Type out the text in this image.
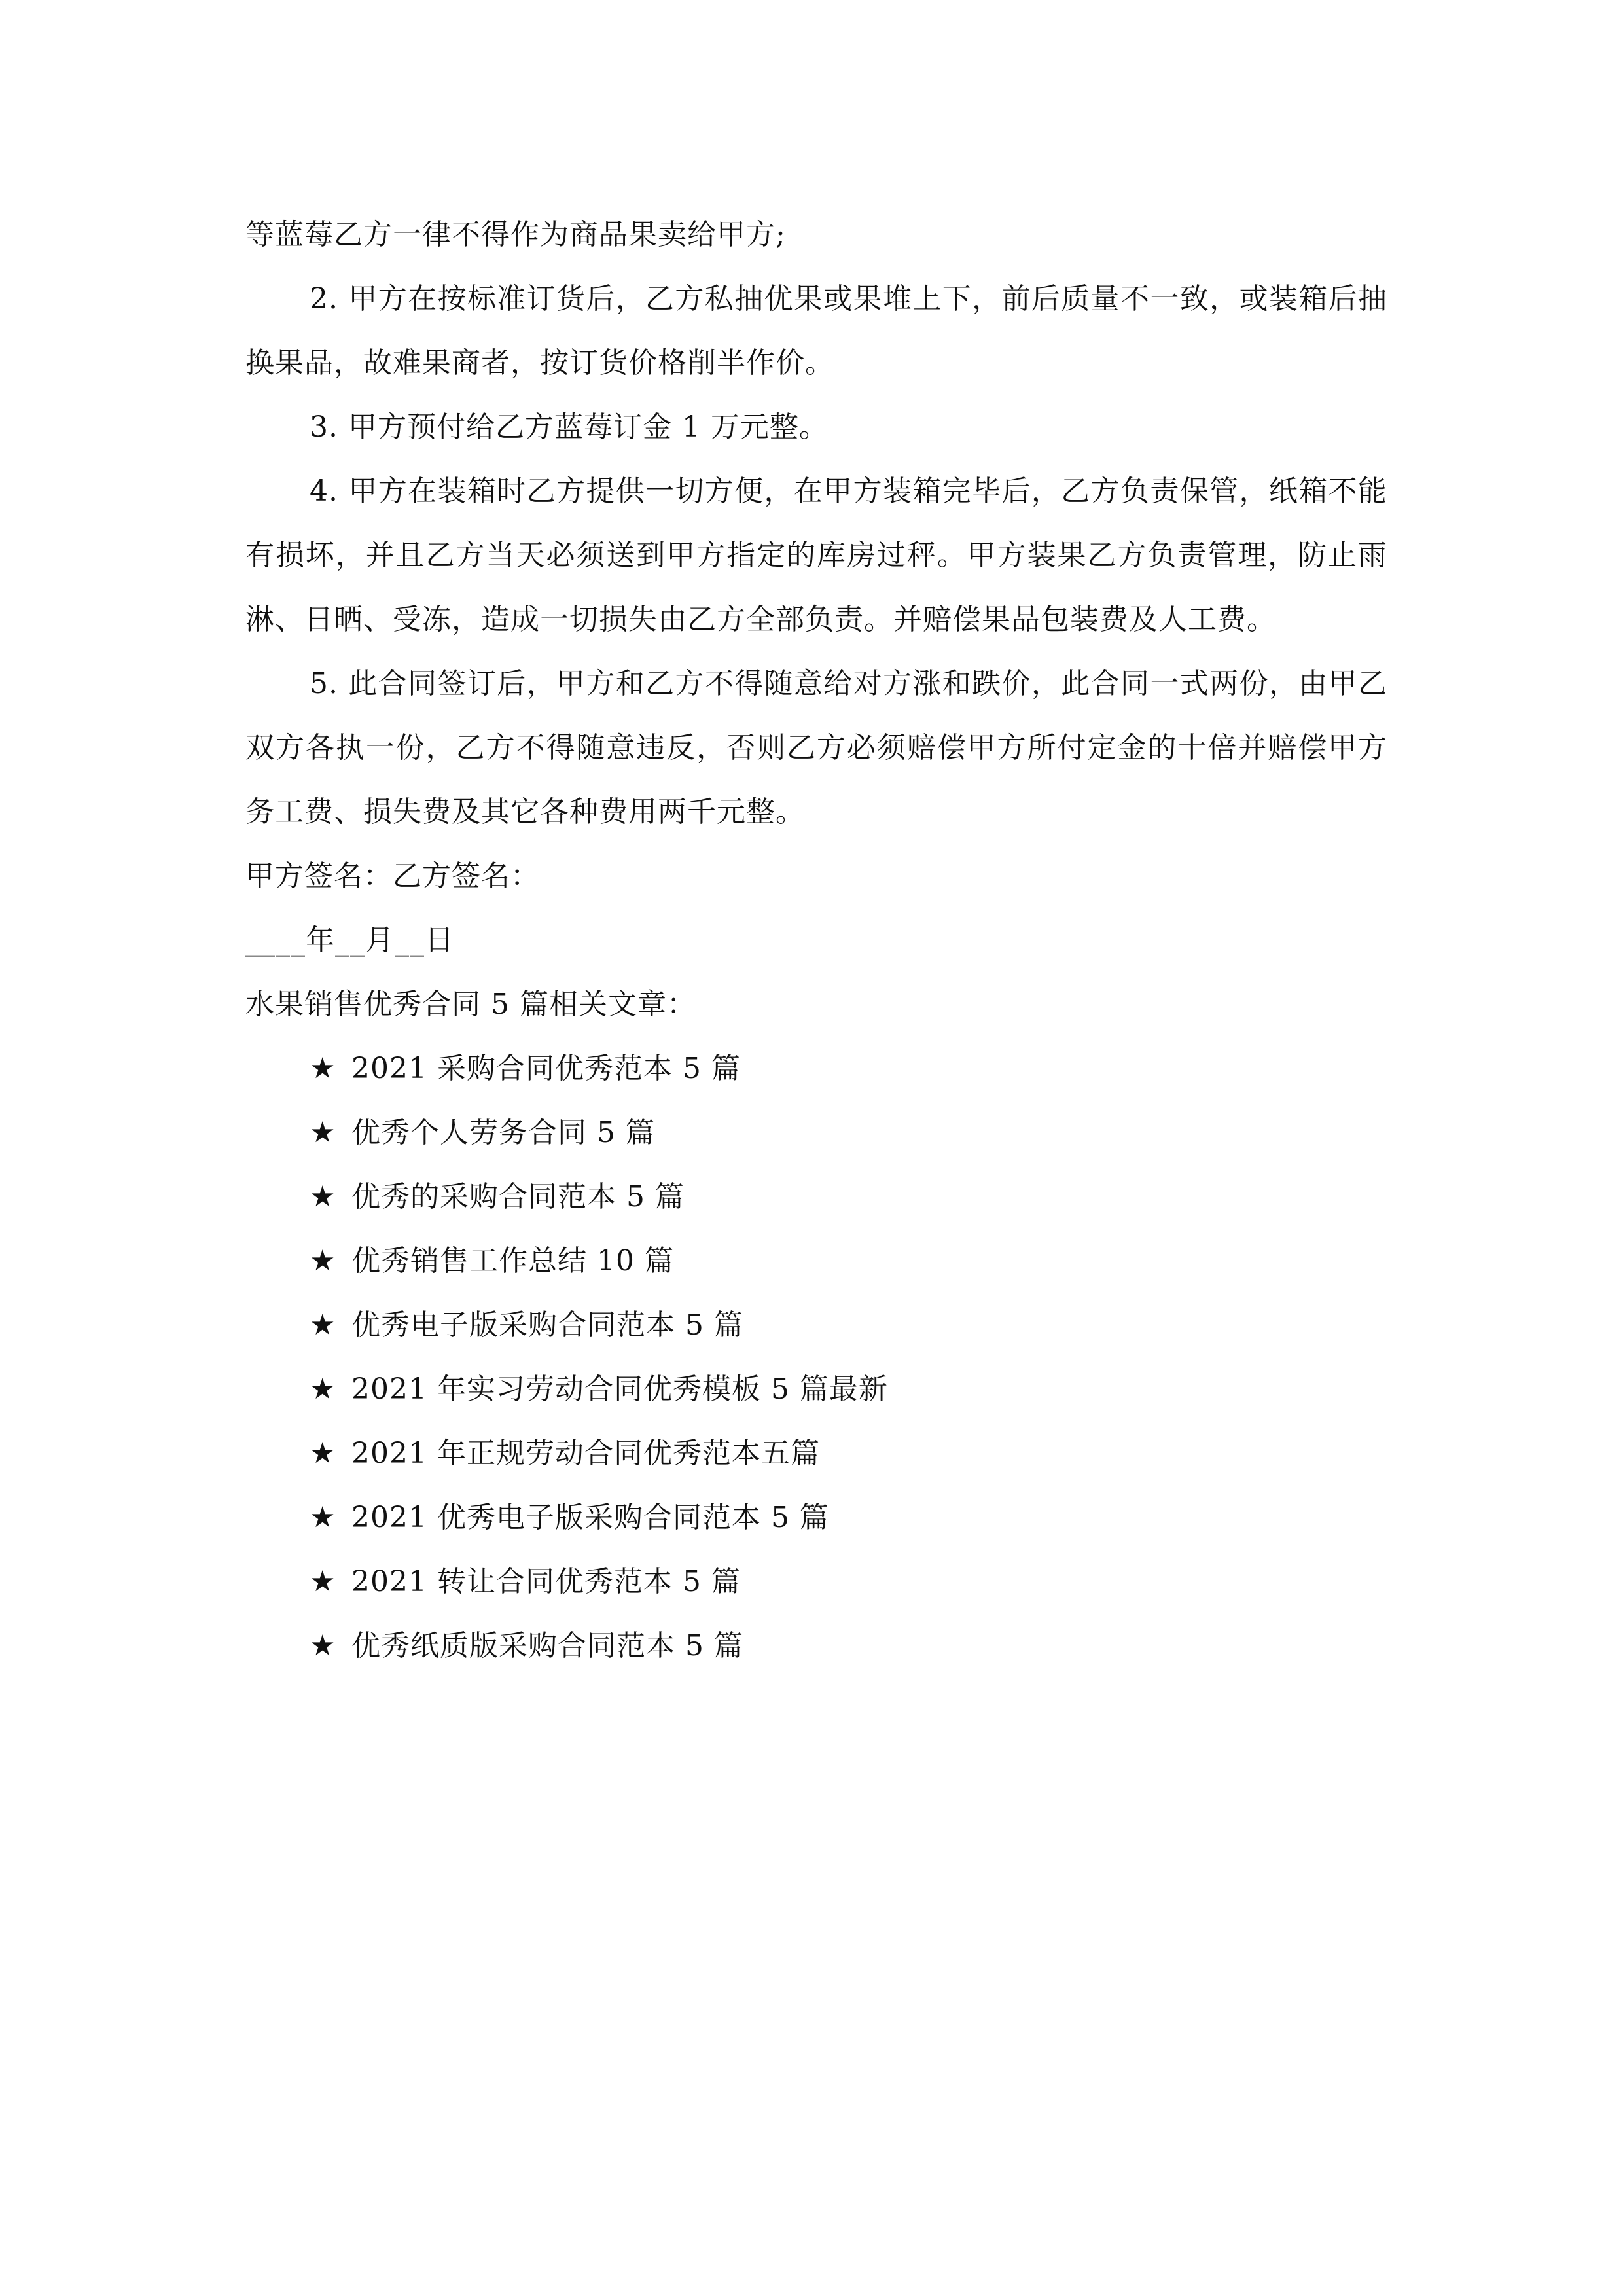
等蓝莓乙方一律不得作为商品果卖给甲方;

2. 甲方在按标准订货后，乙方私抽优果或果堆上下，前后质量不一致，或装箱后抽换果品，故难果商者，按订货价格削半作价。

3. 甲方预付给乙方蓝莓订金 1 万元整。

4. 甲方在装箱时乙方提供一切方便，在甲方装箱完毕后，乙方负责保管，纸箱不能有损坏，并且乙方当天必须送到甲方指定的库房过秤。甲方装果乙方负责管理，防止雨淋、日晒、受冻，造成一切损失由乙方全部负责。并赔偿果品包装费及人工费。

5. 此合同签订后，甲方和乙方不得随意给对方涨和跌价，此合同一式两份，由甲乙双方各执一份，乙方不得随意违反，否则乙方必须赔偿甲方所付定金的十倍并赔偿甲方务工费、损失费及其它各种费用两千元整。

甲方签名：乙方签名：

____年__月__日

水果销售优秀合同 5 篇相关文章：

★ 2021 采购合同优秀范本 5 篇
★ 优秀个人劳务合同 5 篇
★ 优秀的采购合同范本 5 篇
★ 优秀销售工作总结 10 篇
★ 优秀电子版采购合同范本 5 篇
★ 2021 年实习劳动合同优秀模板 5 篇最新
★ 2021 年正规劳动合同优秀范本五篇
★ 2021 优秀电子版采购合同范本 5 篇
★ 2021 转让合同优秀范本 5 篇
★ 优秀纸质版采购合同范本 5 篇
